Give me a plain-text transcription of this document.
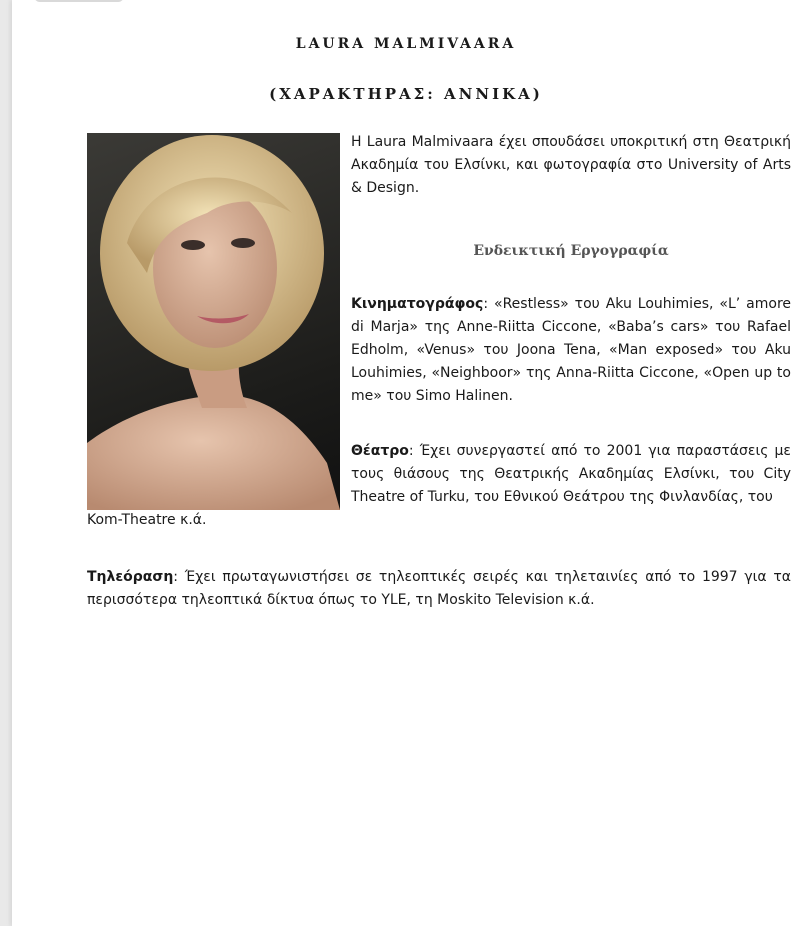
LAURA MALMIVAARA
(ΧΑΡΑΚΤΗΡΑΣ: ΑΝΝΙΚΑ)
Η Laura Malmivaara έχει σπουδάσει υποκριτική στη Θεατρική Ακαδημία του Ελσίνκι, και φωτογραφία στο University of Arts & Design.
Ενδεικτική Εργογραφία
Κινηματογράφος: «Restless» του Aku Louhimies, «L’ amore di Marja» της Anne-Riitta Ciccone, «Baba’s cars» του Rafael Edholm, «Venus» του Joona Tena, «Man exposed» του Aku Louhimies, «Neighboor» της Anna-Riitta Ciccone, «Open up to me» του Simo Halinen.
Θέατρο: Έχει συνεργαστεί από το 2001 για παραστάσεις με τους θιάσους της Θεατρικής Ακαδημίας Ελσίνκι, του City Theatre of Turku, του Εθνικού Θεάτρου της Φινλανδίας, του
Kom-Theatre κ.ά.
Τηλεόραση: Έχει πρωταγωνιστήσει σε τηλεοπτικές σειρές και τηλεταινίες από το 1997 για τα περισσότερα τηλεοπτικά δίκτυα όπως το YLE, τη Moskito Television κ.ά.
